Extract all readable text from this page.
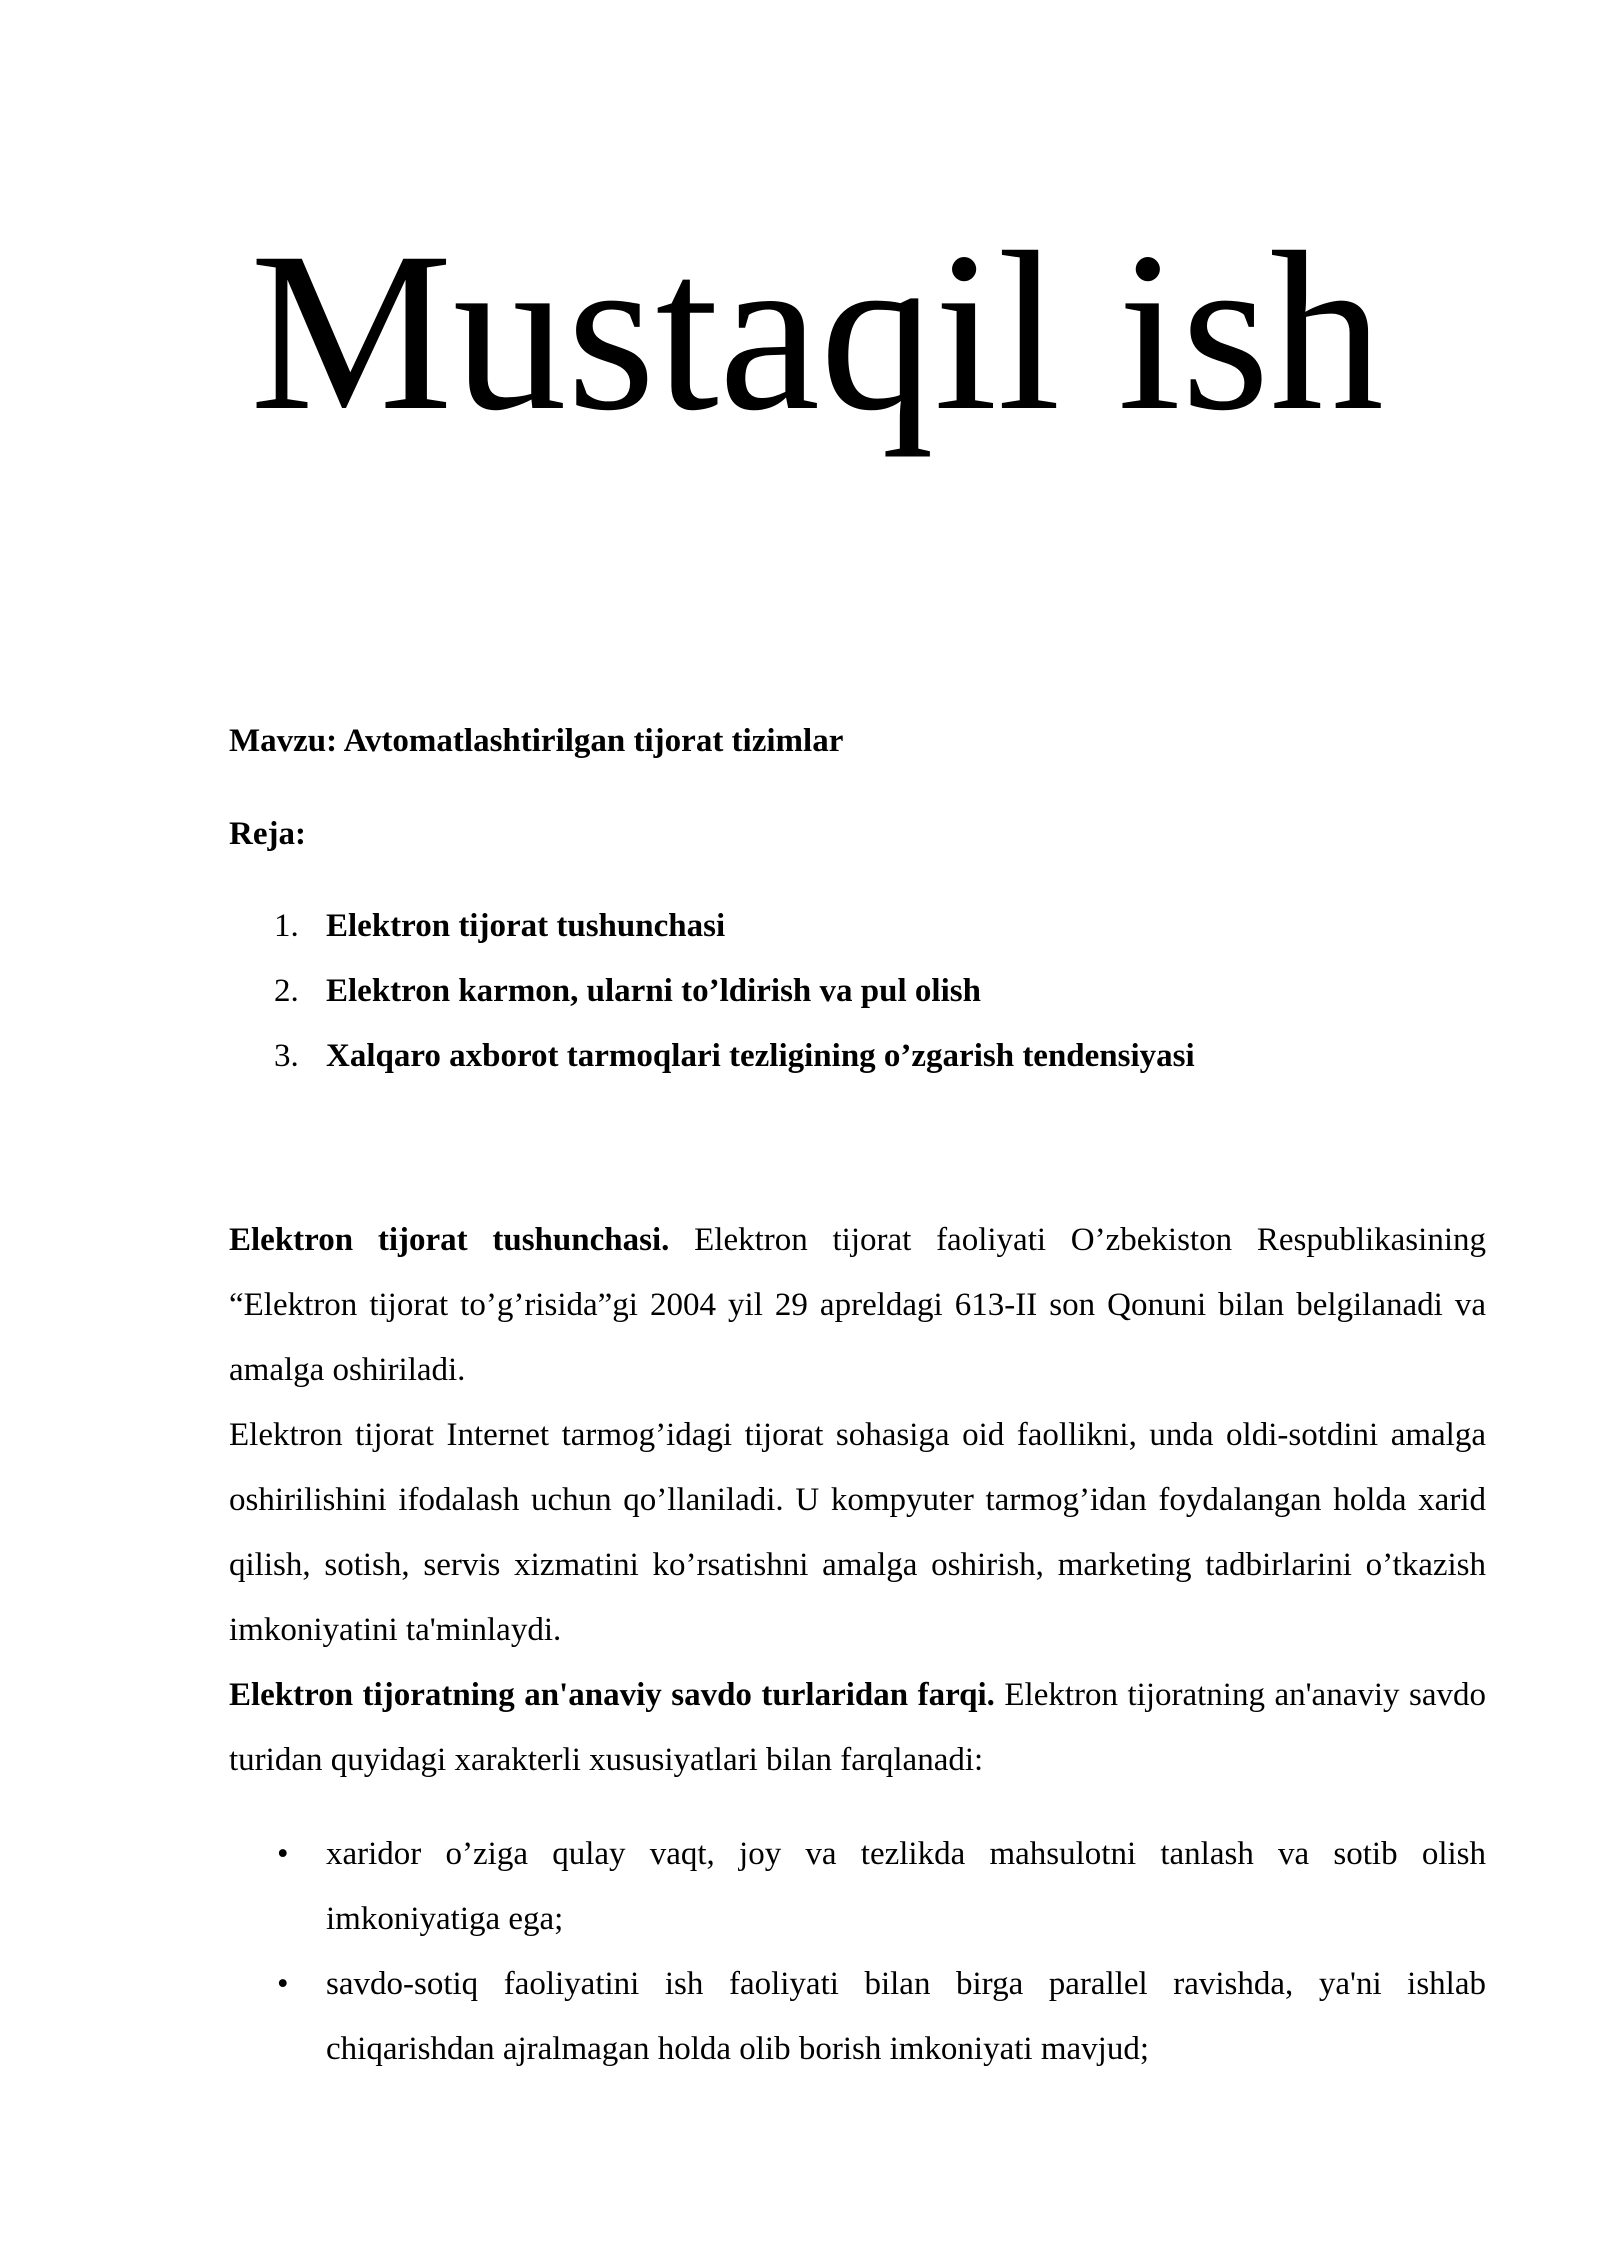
Mustaqil ish
Mavzu: Avtomatlashtirilgan tijorat tizimlar
Reja:
1. Elektron tijorat tushunchasi
2. Elektron karmon, ularni to’ldirish va pul olish
3. Xalqaro axborot tarmoqlari tezligining o’zgarish tendensiyasi

Elektron tijorat tushunchasi. Elektron tijorat faoliyati O’zbekiston Respublikasining “Elektron tijorat to’g’risida”gi 2004 yil 29 apreldagi 613-II son Qonuni bilan belgilanadi va amalga oshiriladi.

Elektron tijorat Internet tarmog’idagi tijorat sohasiga oid faollikni, unda oldi-sotdini amalga oshirilishini ifodalash uchun qo’llaniladi. U kompyuter tarmog’idan foydalangan holda xarid qilish, sotish, servis xizmatini ko’rsatishni amalga oshirish, marketing tadbirlarini o’tkazish imkoniyatini ta'minlaydi.

Elektron tijoratning an'anaviy savdo turlaridan farqi. Elektron tijoratning an'anaviy savdo turidan quyidagi xarakterli xususiyatlari bilan farqlanadi:

• xaridor o’ziga qulay vaqt, joy va tezlikda mahsulotni tanlash va sotib olish imkoniyatiga ega;
• savdo-sotiq faoliyatini ish faoliyati bilan birga parallel ravishda, ya'ni ishlab chiqarishdan ajralmagan holda olib borish imkoniyati mavjud;
